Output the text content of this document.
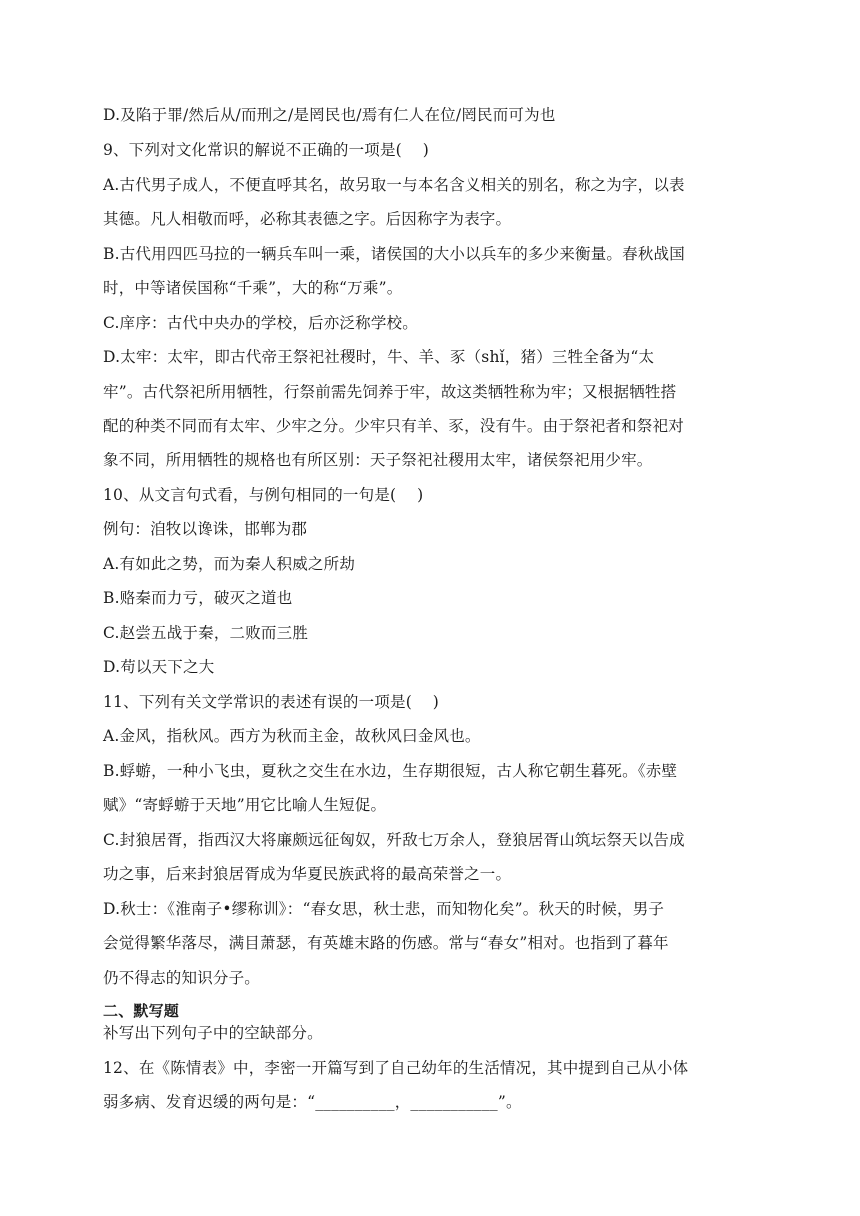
D.及陷于罪/然后从/而刑之/是罔民也/焉有仁人在位/罔民而可为也
9、下列对文化常识的解说不正确的一项是(　 )
A.古代男子成人，不便直呼其名，故另取一与本名含义相关的别名，称之为字，以表
其德。凡人相敬而呼，必称其表德之字。后因称字为表字。
B.古代用四匹马拉的一辆兵车叫一乘，诸侯国的大小以兵车的多少来衡量。春秋战国
时，中等诸侯国称“千乘”，大的称“万乘”。
C.庠序：古代中央办的学校，后亦泛称学校。
D.太牢：太牢，即古代帝王祭祀社稷时，牛、羊、豕（shǐ，猪）三牲全备为“太
牢”。古代祭祀所用牺牲，行祭前需先饲养于牢，故这类牺牲称为牢；又根据牺牲搭
配的种类不同而有太牢、少牢之分。少牢只有羊、豕，没有牛。由于祭祀者和祭祀对
象不同，所用牺牲的规格也有所区别：天子祭祀社稷用太牢，诸侯祭祀用少牢。
10、从文言句式看，与例句相同的一句是(　 )
例句：洎牧以谗诛，邯郸为郡
A.有如此之势，而为秦人积威之所劫
B.赂秦而力亏，破灭之道也
C.赵尝五战于秦，二败而三胜
D.苟以天下之大
11、下列有关文学常识的表述有误的一项是(　 )
A.金风，指秋风。西方为秋而主金，故秋风曰金风也。
B.蜉蝣，一种小飞虫，夏秋之交生在水边，生存期很短，古人称它朝生暮死。《赤壁
赋》“寄蜉蝣于天地”用它比喻人生短促。
C.封狼居胥，指西汉大将廉颇远征匈奴，歼敌七万余人，登狼居胥山筑坛祭天以告成
功之事，后来封狼居胥成为华夏民族武将的最高荣誉之一。
D.秋士：《淮南子•缪称训》：“春女思，秋士悲，而知物化矣”。秋天的时候，男子
会觉得繁华落尽，满目萧瑟，有英雄末路的伤感。常与“春女”相对。也指到了暮年
仍不得志的知识分子。
二、默写题
补写出下列句子中的空缺部分。
12、在《陈情表》中，李密一开篇写到了自己幼年的生活情况，其中提到自己从小体
弱多病、发育迟缓的两句是：“__________，___________”。
